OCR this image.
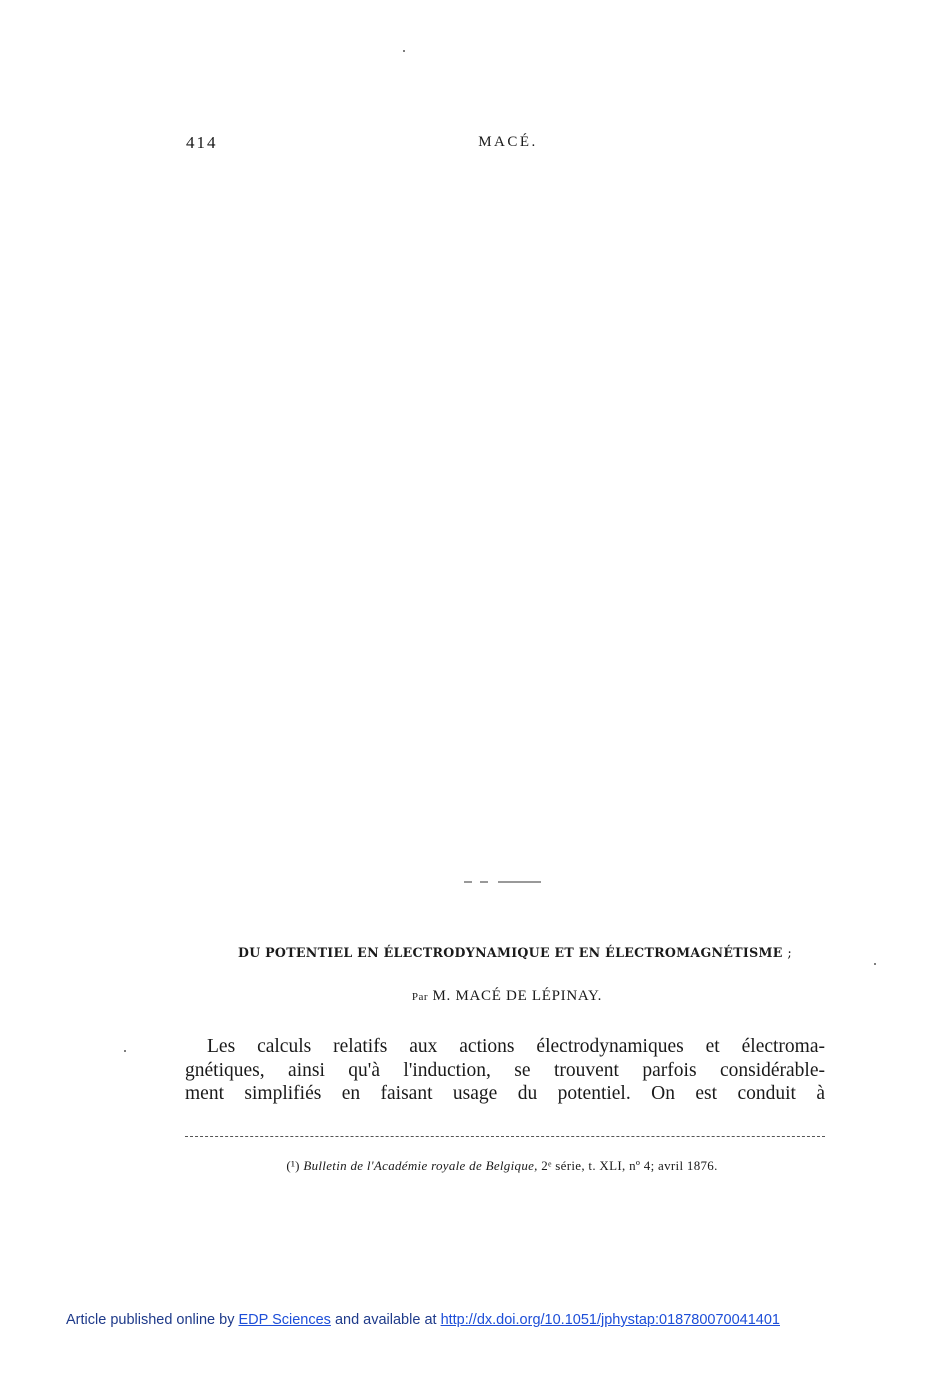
414	MACÉ.
DU POTENTIEL EN ÉLECTRODYNAMIQUE ET EN ÉLECTROMAGNÉTISME ;
Par M. MACÉ DE LÉPINAY.
Les calculs relatifs aux actions électrodynamiques et électroma-
gnétiques, ainsi qu'à l'induction, se trouvent parfois considérable-
ment simplifiés en faisant usage du potentiel. On est conduit à
(¹) Bulletin de l'Académie royale de Belgique, 2ᵉ série, t. XLI, nº 4; avril 1876.
Article published online by EDP Sciences and available at http://dx.doi.org/10.1051/jphystap:018780070041401
